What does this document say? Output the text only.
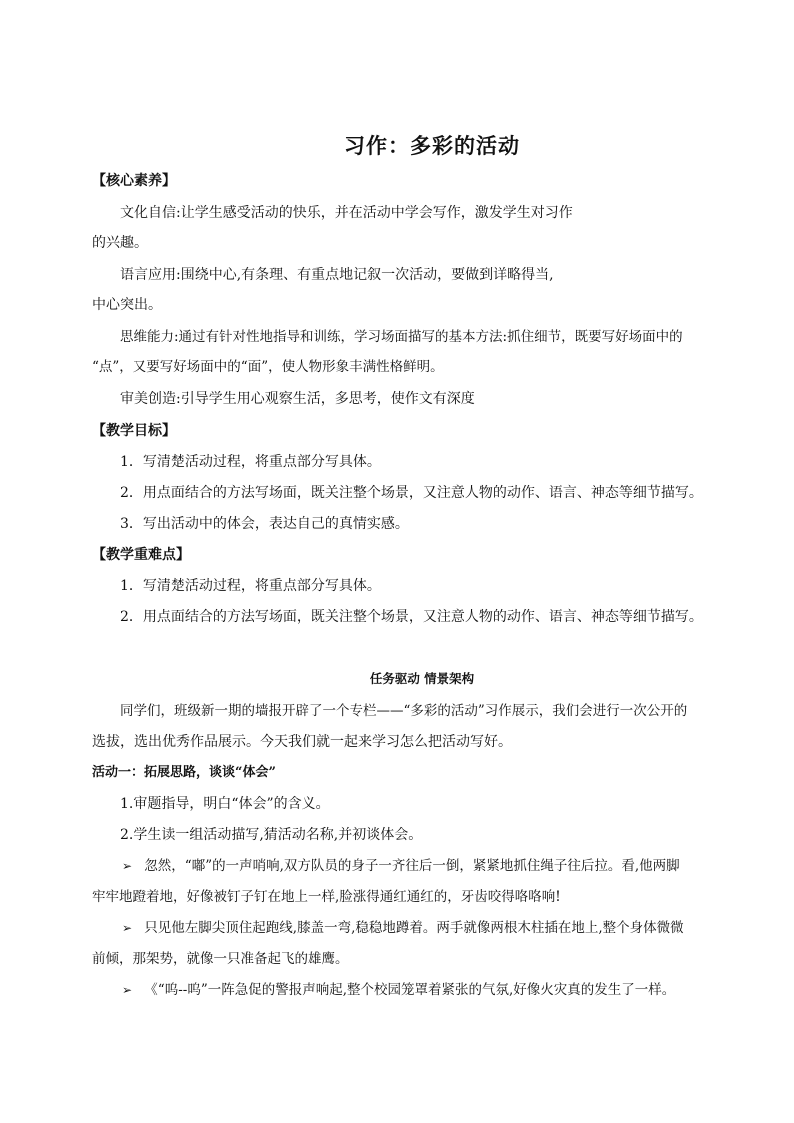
习作：多彩的活动
【核心素养】
文化自信:让学生感受活动的快乐，并在活动中学会写作，激发学生对习作
的兴趣。
语言应用:围绕中心,有条理、有重点地记叙一次活动，要做到详略得当,
中心突出。
思维能力:通过有针对性地指导和训练，学习场面描写的基本方法:抓住细节，既要写好场面中的
“点”，又要写好场面中的“面”，使人物形象丰满性格鲜明。
审美创造:引导学生用心观察生活，多思考，使作文有深度
【教学目标】
1．写清楚活动过程，将重点部分写具体。
2．用点面结合的方法写场面，既关注整个场景，又注意人物的动作、语言、神态等细节描写。
3．写出活动中的体会，表达自己的真情实感。
【教学重难点】
1．写清楚活动过程，将重点部分写具体。
2．用点面结合的方法写场面，既关注整个场景，又注意人物的动作、语言、神态等细节描写。
任务驱动 情景架构
同学们，班级新一期的墙报开辟了一个专栏——“多彩的活动”习作展示，我们会进行一次公开的
选拔，选出优秀作品展示。今天我们就一起来学习怎么把活动写好。
活动一：拓展思路，谈谈“体会”
1.审题指导，明白“体会”的含义。
2.学生读一组活动描写,猜活动名称,并初谈体会。
➢ 忽然，“嘟”的一声哨响,双方队员的身子一齐往后一倒，紧紧地抓住绳子往后拉。看,他两脚
牢牢地蹬着地，好像被钉子钉在地上一样,脸涨得通红通红的，牙齿咬得咯咯响!
➢ 只见他左脚尖顶住起跑线,膝盖一弯,稳稳地蹲着。两手就像两根木柱插在地上,整个身体微微
前倾，那架势，就像一只准备起飞的雄鹰。
➢ 《“呜--呜”一阵急促的警报声响起,整个校园笼罩着紧张的气氛,好像火灾真的发生了一样。
